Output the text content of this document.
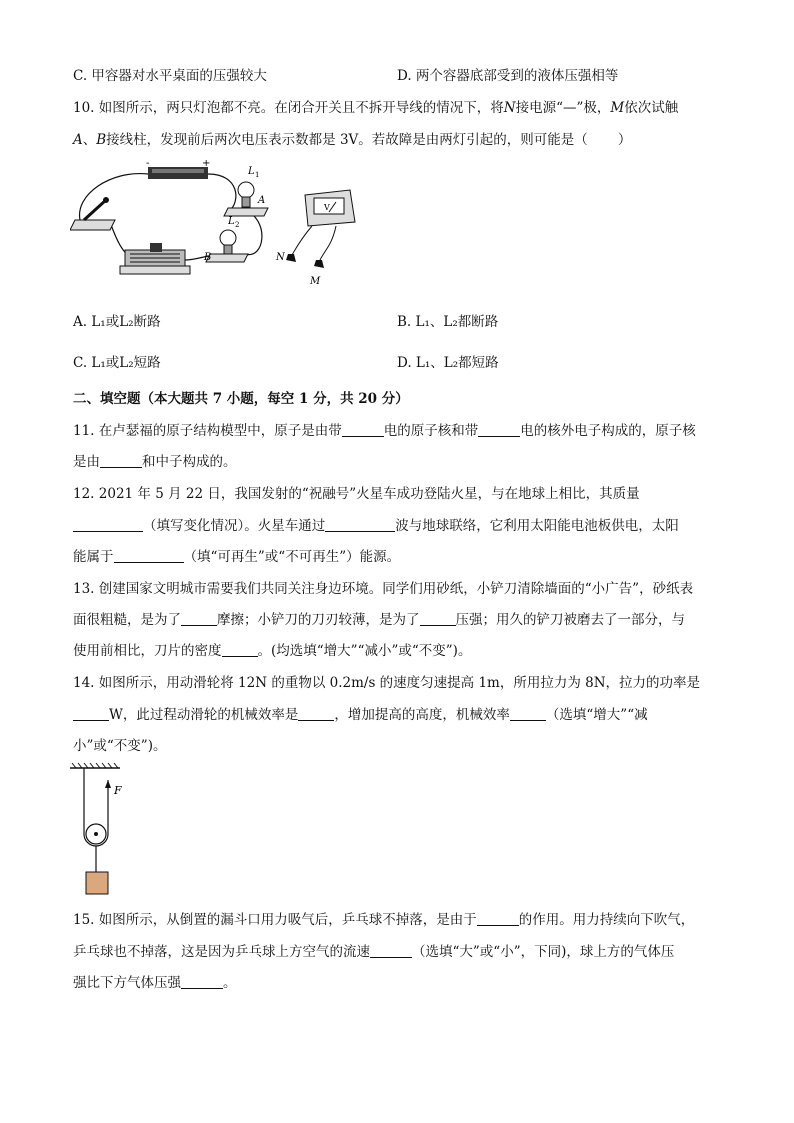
C. 甲容器对水平桌面的压强较大	D. 两个容器底部受到的液体压强相等
10. 如图所示，两只灯泡都不亮。在闭合开关且不拆开导线的情况下，将N接电源“—”极，M依次试触
A、B接线柱，发现前后两次电压表示数都是 3V。若故障是由两灯引起的，则可能是（ ）
-	+
L 1
A
L 2
B
V
N
M
A. L₁或L₂断路	B. L₁、L₂都断路
C. L₁或L₂短路	D. L₁、L₂都短路
二、填空题（本大题共 7 小题，每空 1 分，共 20 分）
11. 在卢瑟福的原子结构模型中，原子是由带	电的原子核和带	电的核外电子构成的，原子核
是由	和中子构成的。
12. 2021 年 5 月 22 日，我国发射的“祝融号”火星车成功登陆火星，与在地球上相比，其质量
（填写变化情况）。火星车通过	波与地球联络，它利用太阳能电池板供电，太阳
能属于	（填“可再生”或“不可再生”）能源。
13. 创建国家文明城市需要我们共同关注身边环境。同学们用砂纸，小铲刀清除墙面的“小广告”，砂纸表
面很粗糙，是为了	摩擦；小铲刀的刀刃较薄，是为了	压强；用久的铲刀被磨去了一部分，与
使用前相比，刀片的密度	。(均选填“增大”“减小”或“不变”)。
14. 如图所示，用动滑轮将 12N 的重物以 0.2m/s 的速度匀速提高 1m，所用拉力为 8N，拉力的功率是
W，此过程动滑轮的机械效率是	，增加提高的高度，机械效率	（选填“增大”“减
小”或“不变”)。
F
15. 如图所示，从倒置的漏斗口用力吸气后，乒乓球不掉落，是由于	的作用。用力持续向下吹气，
乒乓球也不掉落，这是因为乒乓球上方空气的流速	（选填“大”或“小”，下同)，球上方的气体压
强比下方气体压强	。
